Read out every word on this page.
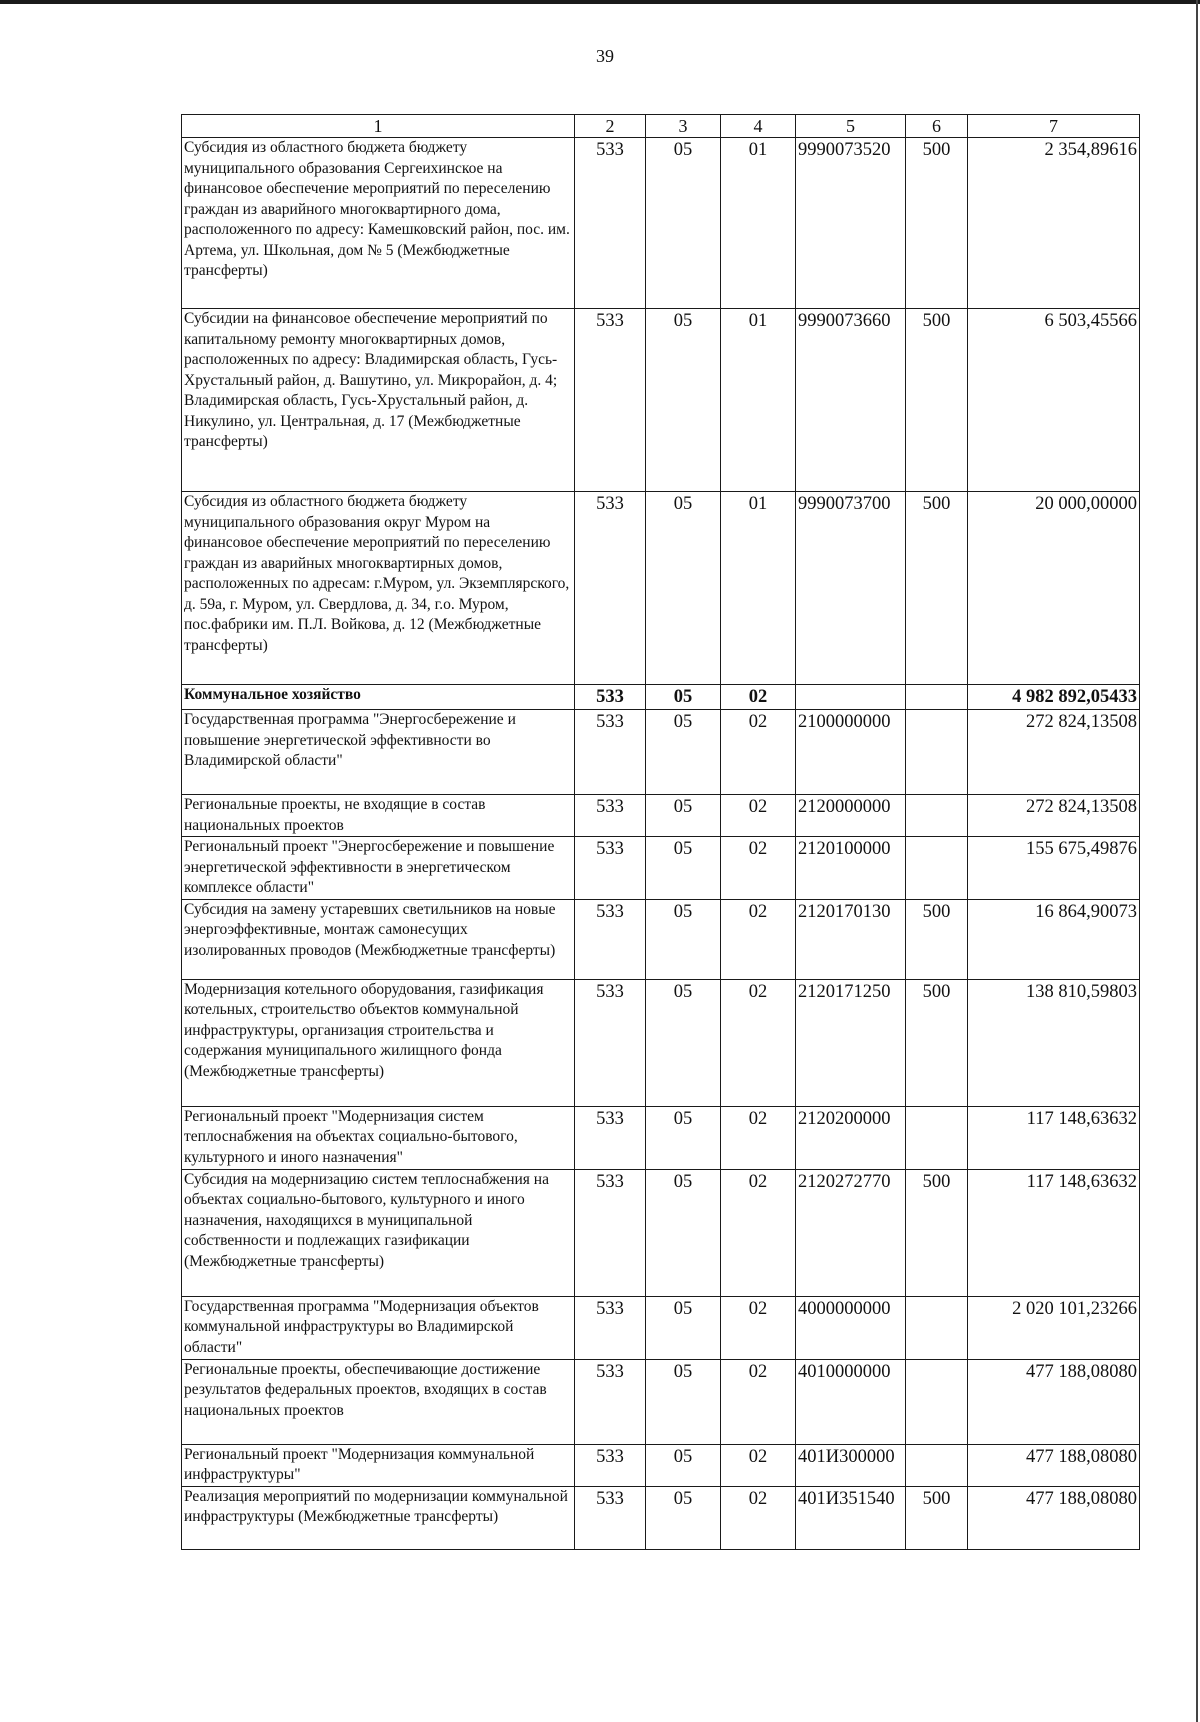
39
1	2	3	4	5	6	7
Субсидия из областного бюджета бюджету муниципального образования Сергеихинское на финансовое обеспечение мероприятий по переселению граждан из аварийного многоквартирного дома, расположенного по адресу: Камешковский район, пос. им. Артема, ул. Школьная, дом № 5 (Межбюджетные трансферты)	533	05	01	9990073520	500	2 354,89616
Субсидии на финансовое обеспечение мероприятий по капитальному ремонту многоквартирных домов, расположенных по адресу: Владимирская область, Гусь-Хрустальный район, д. Вашутино, ул. Микрорайон, д. 4; Владимирская область, Гусь-Хрустальный район, д. Никулино, ул. Центральная, д. 17 (Межбюджетные трансферты)	533	05	01	9990073660	500	6 503,45566
Субсидия из областного бюджета бюджету муниципального образования округ Муром на финансовое обеспечение мероприятий по переселению граждан из аварийных многоквартирных домов, расположенных по адресам: г.Муром, ул. Экземплярского, д. 59а, г. Муром, ул. Свердлова, д. 34, г.о. Муром, пос.фабрики им. П.Л. Войкова, д. 12 (Межбюджетные трансферты)	533	05	01	9990073700	500	20 000,00000
Коммунальное хозяйство	533	05	02			4 982 892,05433
Государственная программа "Энергосбережение и повышение энергетической эффективности во Владимирской области"	533	05	02	2100000000		272 824,13508
Региональные проекты, не входящие в состав национальных проектов	533	05	02	2120000000		272 824,13508
Региональный проект "Энергосбережение и повышение энергетической эффективности в энергетическом комплексе области"	533	05	02	2120100000		155 675,49876
Субсидия на замену устаревших светильников на новые энергоэффективные, монтаж самонесущих изолированных проводов (Межбюджетные трансферты)	533	05	02	2120170130	500	16 864,90073
Модернизация котельного оборудования, газификация котельных, строительство объектов коммунальной инфраструктуры, организация строительства и содержания муниципального жилищного фонда (Межбюджетные трансферты)	533	05	02	2120171250	500	138 810,59803
Региональный проект "Модернизация систем теплоснабжения на объектах социально-бытового, культурного и иного назначения"	533	05	02	2120200000		117 148,63632
Субсидия на модернизацию систем теплоснабжения на объектах социально-бытового, культурного и иного назначения, находящихся в муниципальной собственности и подлежащих газификации (Межбюджетные трансферты)	533	05	02	2120272770	500	117 148,63632
Государственная программа "Модернизация объектов коммунальной инфраструктуры во Владимирской области"	533	05	02	4000000000		2 020 101,23266
Региональные проекты, обеспечивающие достижение результатов федеральных проектов, входящих в состав национальных проектов	533	05	02	4010000000		477 188,08080
Региональный проект "Модернизация коммунальной инфраструктуры"	533	05	02	401И300000		477 188,08080
Реализация мероприятий по модернизации коммунальной инфраструктуры (Межбюджетные трансферты)	533	05	02	401И351540	500	477 188,08080
